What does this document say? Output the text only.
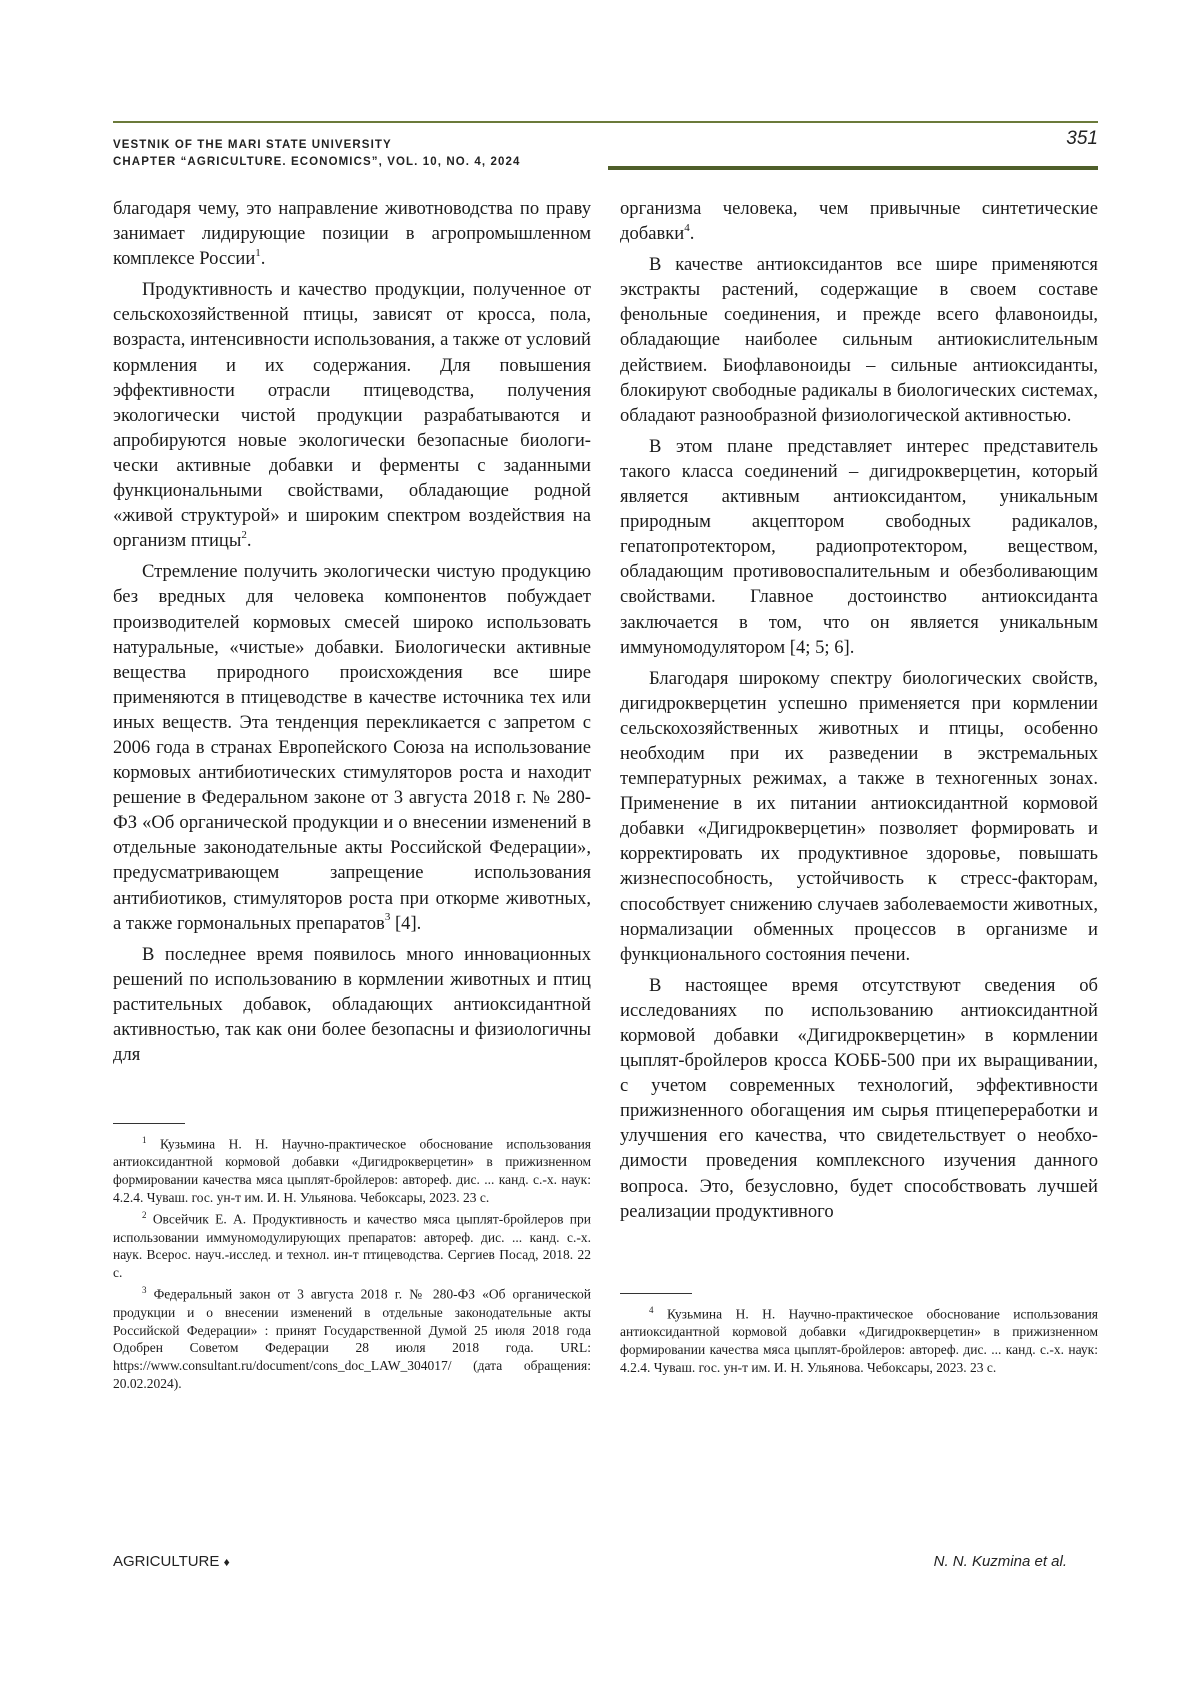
VESTNIK OF THE MARI STATE UNIVERSITY
CHAPTER “AGRICULTURE. ECONOMICS”, VOL. 10, NO. 4, 2024
351

благодаря чему, это направление животноводства по праву занимает лидирующие позиции в агропромышленном комплексе России$^1$.

Продуктивность и качество продукции, полученное от сельскохозяйственной птицы, зависят от кросса, пола, возраста, интенсивности использования, а также от условий кормления и их содержания. Для повышения эффективности отрасли птицеводства, получения экологически чистой продукции разрабатываются и апробируются новые экологически безопасные биологически активные добавки и ферменты с заданными функциональными свойствами, обладающие родной «живой структурой» и широким спектром воздействия на организм птицы$^2$.

Стремление получить экологически чистую продукцию без вредных для человека компонентов побуждает производителей кормовых смесей широко использовать натуральные, «чистые» добавки. Биологически активные вещества природного происхождения все шире применяются в птицеводстве в качестве источника тех или иных веществ. Эта тенденция перекликается с запретом с 2006 года в странах Европейского Союза на использование кормовых антибиотических стимуляторов роста и находит решение в Федеральном законе от 3 августа 2018 г. № 280-ФЗ «Об органической продукции и о внесении изменений в отдельные законодательные акты Российской Федерации», предусматривающем запрещение использования антибиотиков, стимуляторов роста при откорме животных, а также гормональных препаратов$^3$ [4].

В последнее время появилось много инновационных решений по использованию в кормлении животных и птиц растительных добавок, обладающих антиоксидантной активностью, так как они более безопасны и физиологичны для

организма человека, чем привычные синтетические добавки$^4$.

В качестве антиоксидантов все шире применяются экстракты растений, содержащие в своем составе фенольные соединения, и прежде всего флавоноиды, обладающие наиболее сильным антиокислительным действием. Биофлавоноиды – сильные антиоксиданты, блокируют свободные радикалы в биологических системах, обладают разнообразной физиологической активностью.

В этом плане представляет интерес представитель такого класса соединений – дигидрокверцетин, который является активным антиоксидантом, уникальным природным акцептором свободных радикалов, гепатопротектором, радиопротектором, веществом, обладающим противовоспалительным и обезболивающим свойствами. Главное достоинство антиоксиданта заключается в том, что он является уникальным иммуномодулятором [4; 5; 6].

Благодаря широкому спектру биологических свойств, дигидрокверцетин успешно применяется при кормлении сельскохозяйственных животных и птицы, особенно необходим при их разведении в экстремальных температурных режимах, а также в техногенных зонах. Применение в их питании антиоксидантной кормовой добавки «Дигидрокверцетин» позволяет формировать и корректировать их продуктивное здоровье, повышать жизнеспособность, устойчивость к стресс-факторам, способствует снижению случаев заболеваемости животных, нормализации обменных процессов в организме и функционального состояния печени.

В настоящее время отсутствуют сведения об исследованиях по использованию антиоксидантной кормовой добавки «Дигидрокверцетин» в кормлении цыплят-бройлеров кросса КОББ-500 при их выращивании, с учетом современных технологий, эффективности прижизненного обогащения им сырья птицепереработки и улучшения его качества, что свидетельствует о необходимости проведения комплексного изучения данного вопроса. Это, безусловно, будет способствовать лучшей реализации продуктивного

$^1$ Кузьмина Н. Н. Научно-практическое обоснование использования антиоксидантной кормовой добавки «Дигидрокверцетин» в прижизненном формировании качества мяса цыплят-бройлеров: автореф. дис. ... канд. с.-х. наук: 4.2.4. Чуваш. гос. ун-т им. И. Н. Ульянова. Чебоксары, 2023. 23 с.

$^2$ Овсейчик Е. А. Продуктивность и качество мяса цыплят-бройлеров при использовании иммуномодулирующих препаратов: автореф. дис. ... канд. с.-х. наук. Всерос. науч.-исслед. и технол. ин-т птицеводства. Сергиев Посад, 2018. 22 с.

$^3$ Федеральный закон от 3 августа 2018 г. № 280-ФЗ «Об органической продукции и о внесении изменений в отдельные законодательные акты Российской Федерации» : принят Государственной Думой 25 июля 2018 года Одобрен Советом Федерации 28 июля 2018 года. URL: https://www.consultant.ru/document/cons_doc_LAW_304017/ (дата обращения: 20.02.2024).

$^4$ Кузьмина Н. Н. Научно-практическое обоснование использования антиоксидантной кормовой добавки «Дигидрокверцетин» в прижизненном формировании качества мяса цыплят-бройлеров: автореф. дис. ... канд. с.-х. наук: 4.2.4. Чуваш. гос. ун-т им. И. Н. Ульянова. Чебоксары, 2023. 23 с.

AGRICULTURE ♦	N. N. Kuzmina et al.
